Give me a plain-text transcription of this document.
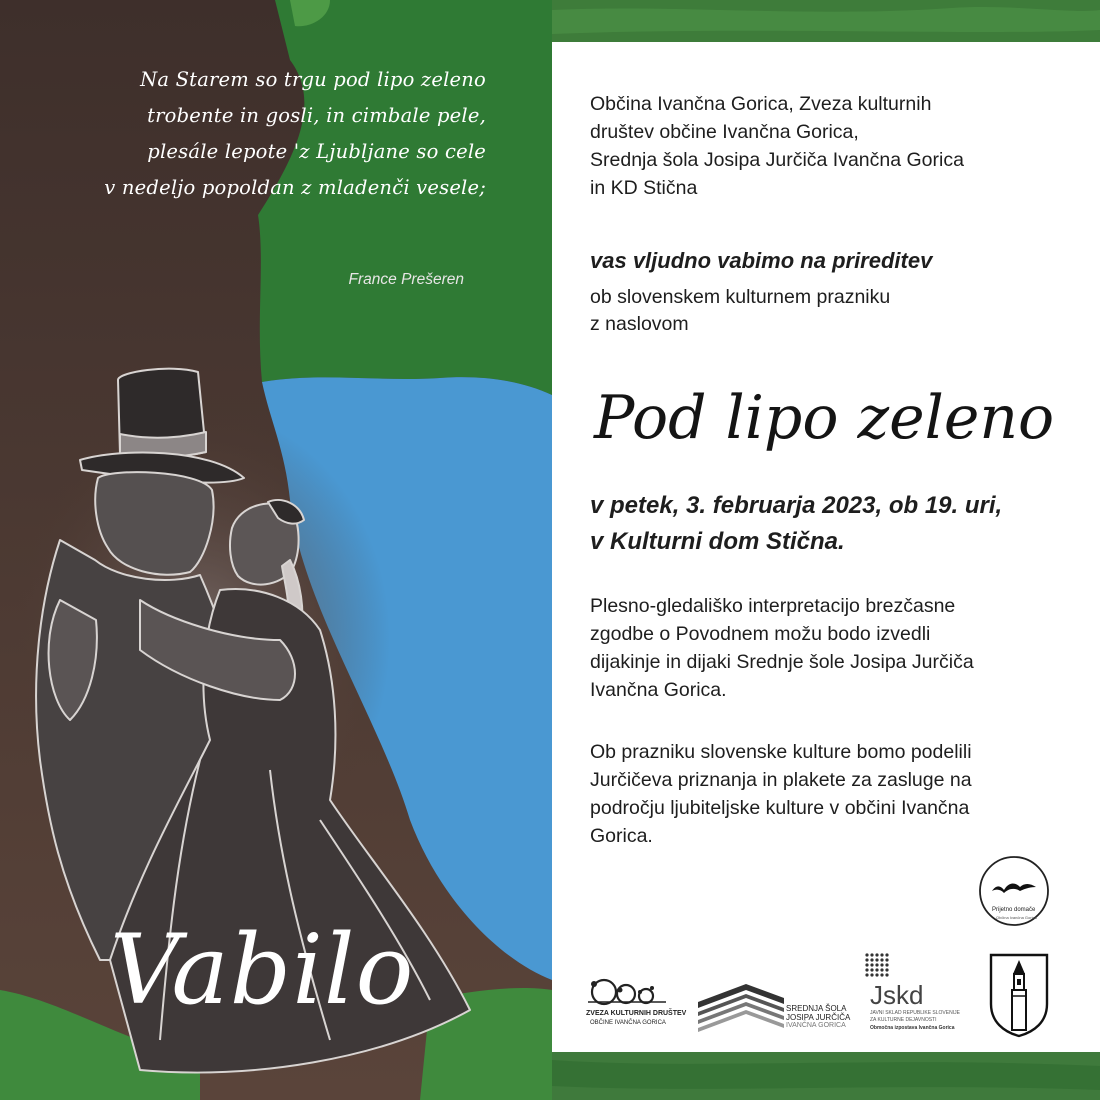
Na Starem so trgu pod lipo zeleno
trobente in gosli, in cimbale pele,
plesále lepote 'z Ljubljane so cele
v nedeljo popoldan z mladenči vesele;
France Prešeren
Vabilo
Občina Ivančna Gorica, Zveza kulturnih
društev občine Ivančna Gorica,
Srednja šola Josipa Jurčiča Ivančna Gorica
in KD Stična
vas vljudno vabimo na prireditev
ob slovenskem kulturnem prazniku
z naslovom
Pod lipo zeleno
v petek, 3. februarja 2023, ob 19. uri,
v Kulturni dom Stična.
Plesno-gledališko interpretacijo brezčasne
zgodbe o Povodnem možu bodo izvedli
dijakinje in dijaki Srednje šole Josipa Jurčiča
Ivančna Gorica.
Ob prazniku slovenske kulture bomo podelili
Jurčičeva priznanja in plakete za zasluge na
področju ljubiteljske kulture v občini Ivančna
Gorica.
Prijetno domače
Občina Ivančna Gorica
ZVEZA KULTURNIH DRUŠTEV
OBČINE IVANČNA GORICA
SREDNJA ŠOLA
JOSIPA JURČIČA
IVANČNA GORICA
Jskd
JAVNI SKLAD REPUBLIKE SLOVENIJE
ZA KULTURNE DEJAVNOSTI
Območna izpostava Ivančna Gorica
